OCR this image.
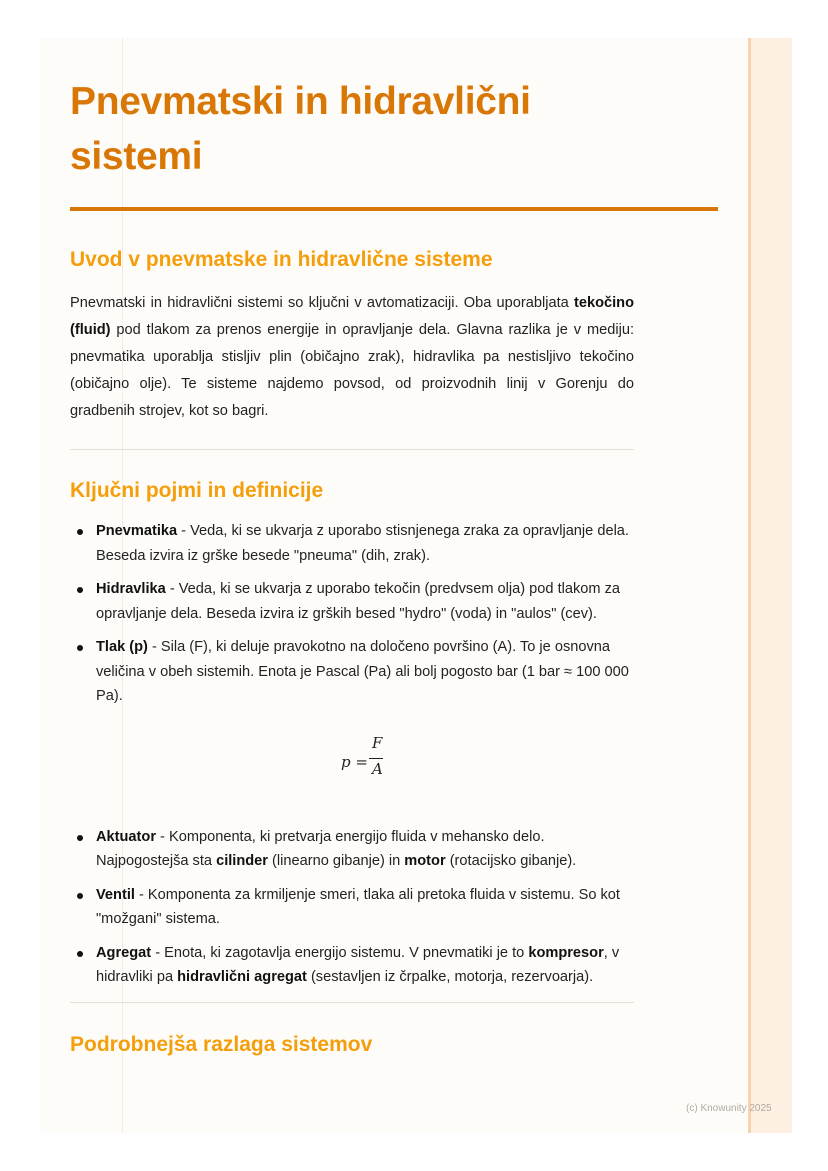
Pnevmatski in hidravlični sistemi
Uvod v pnevmatske in hidravlične sisteme

Pnevmatski in hidravlični sistemi so ključni v avtomatizaciji. Oba uporabljata tekočino (fluid) pod tlakom za prenos energije in opravljanje dela. Glavna razlika je v mediju: pnevmatika uporablja stisljiv plin (običajno zrak), hidravlika pa nestisljivo tekočino (običajno olje). Te sisteme najdemo povsod, od proizvodnih linij v Gorenju do gradbenih strojev, kot so bagri.

Ključni pojmi in definicije
Pnevmatika - Veda, ki se ukvarja z uporabo stisnjenega zraka za opravljanje dela. Beseda izvira iz grške besede "pneuma" (dih, zrak).
Hidravlika - Veda, ki se ukvarja z uporabo tekočin (predvsem olja) pod tlakom za opravljanje dela. Beseda izvira iz grških besed "hydro" (voda) in "aulos" (cev).
Tlak (p) - Sila (F), ki deluje pravokotno na določeno površino (A). To je osnovna veličina v obeh sistemih. Enota je Pascal (Pa) ali bolj pogosto bar (1 bar ≈ 100 000 Pa).
p =
F
A
Aktuator - Komponenta, ki pretvarja energijo fluida v mehansko delo. Najpogostejša sta cilinder (linearno gibanje) in motor (rotacijsko gibanje).
Ventil - Komponenta za krmiljenje smeri, tlaka ali pretoka fluida v sistemu. So kot "možgani" sistema.
Agregat - Enota, ki zagotavlja energijo sistemu. V pnevmatiki je to kompresor, v hidravliki pa hidravlični agregat (sestavljen iz črpalke, motorja, rezervoarja).
Podrobnejša razlaga sistemov
(c) Knowunity 2025
